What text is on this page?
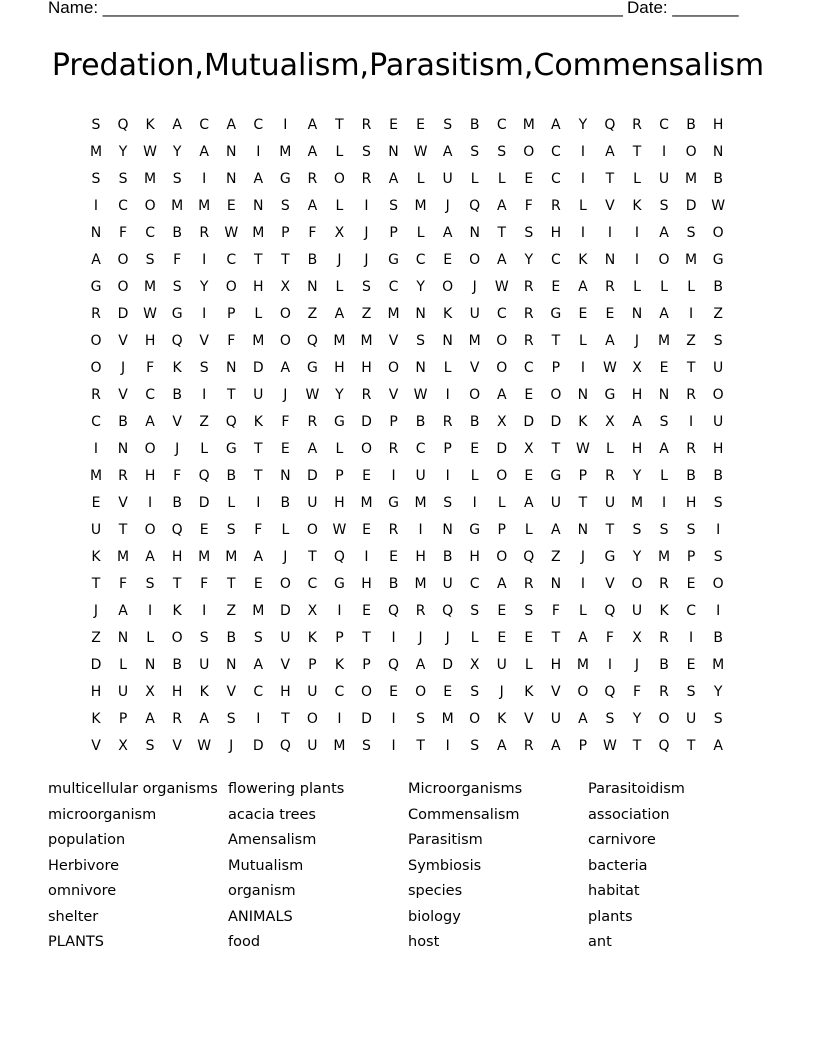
Name: _______________________________________________________ Date: _______
Predation,Mutualism,Parasitism,Commensalism
S	Q	K	A	C	A	C	I	A	T	R	E	E	S	B	C	M	A	Y	Q	R	C	B	H
M	Y	W	Y	A	N	I	M	A	L	S	N	W	A	S	S	O	C	I	A	T	I	O	N
S	S	M	S	I	N	A	G	R	O	R	A	L	U	L	L	E	C	I	T	L	U	M	B
I	C	O	M	M	E	N	S	A	L	I	S	M	J	Q	A	F	R	L	V	K	S	D	W
N	F	C	B	R	W	M	P	F	X	J	P	L	A	N	T	S	H	I	I	I	A	S	O
A	O	S	F	I	C	T	T	B	J	J	G	C	E	O	A	Y	C	K	N	I	O	M	G
G	O	M	S	Y	O	H	X	N	L	S	C	Y	O	J	W	R	E	A	R	L	L	L	B
R	D	W	G	I	P	L	O	Z	A	Z	M	N	K	U	C	R	G	E	E	N	A	I	Z
O	V	H	Q	V	F	M	O	Q	M	M	V	S	N	M	O	R	T	L	A	J	M	Z	S
O	J	F	K	S	N	D	A	G	H	H	O	N	L	V	O	C	P	I	W	X	E	T	U
R	V	C	B	I	T	U	J	W	Y	R	V	W	I	O	A	E	O	N	G	H	N	R	O
C	B	A	V	Z	Q	K	F	R	G	D	P	B	R	B	X	D	D	K	X	A	S	I	U
I	N	O	J	L	G	T	E	A	L	O	R	C	P	E	D	X	T	W	L	H	A	R	H
M	R	H	F	Q	B	T	N	D	P	E	I	U	I	L	O	E	G	P	R	Y	L	B	B
E	V	I	B	D	L	I	B	U	H	M	G	M	S	I	L	A	U	T	U	M	I	H	S
U	T	O	Q	E	S	F	L	O	W	E	R	I	N	G	P	L	A	N	T	S	S	S	I
K	M	A	H	M	M	A	J	T	Q	I	E	H	B	H	O	Q	Z	J	G	Y	M	P	S
T	F	S	T	F	T	E	O	C	G	H	B	M	U	C	A	R	N	I	V	O	R	E	O
J	A	I	K	I	Z	M	D	X	I	E	Q	R	Q	S	E	S	F	L	Q	U	K	C	I
Z	N	L	O	S	B	S	U	K	P	T	I	J	J	L	E	E	T	A	F	X	R	I	B
D	L	N	B	U	N	A	V	P	K	P	Q	A	D	X	U	L	H	M	I	J	B	E	M
H	U	X	H	K	V	C	H	U	C	O	E	O	E	S	J	K	V	O	Q	F	R	S	Y
K	P	A	R	A	S	I	T	O	I	D	I	S	M	O	K	V	U	A	S	Y	O	U	S
V	X	S	V	W	J	D	Q	U	M	S	I	T	I	S	A	R	A	P	W	T	Q	T	A
multicellular organisms
microorganism
population
Herbivore
omnivore
shelter
PLANTS
flowering plants
acacia trees
Amensalism
Mutualism
organism
ANIMALS
food
Microorganisms
Commensalism
Parasitism
Symbiosis
species
biology
host
Parasitoidism
association
carnivore
bacteria
habitat
plants
ant
